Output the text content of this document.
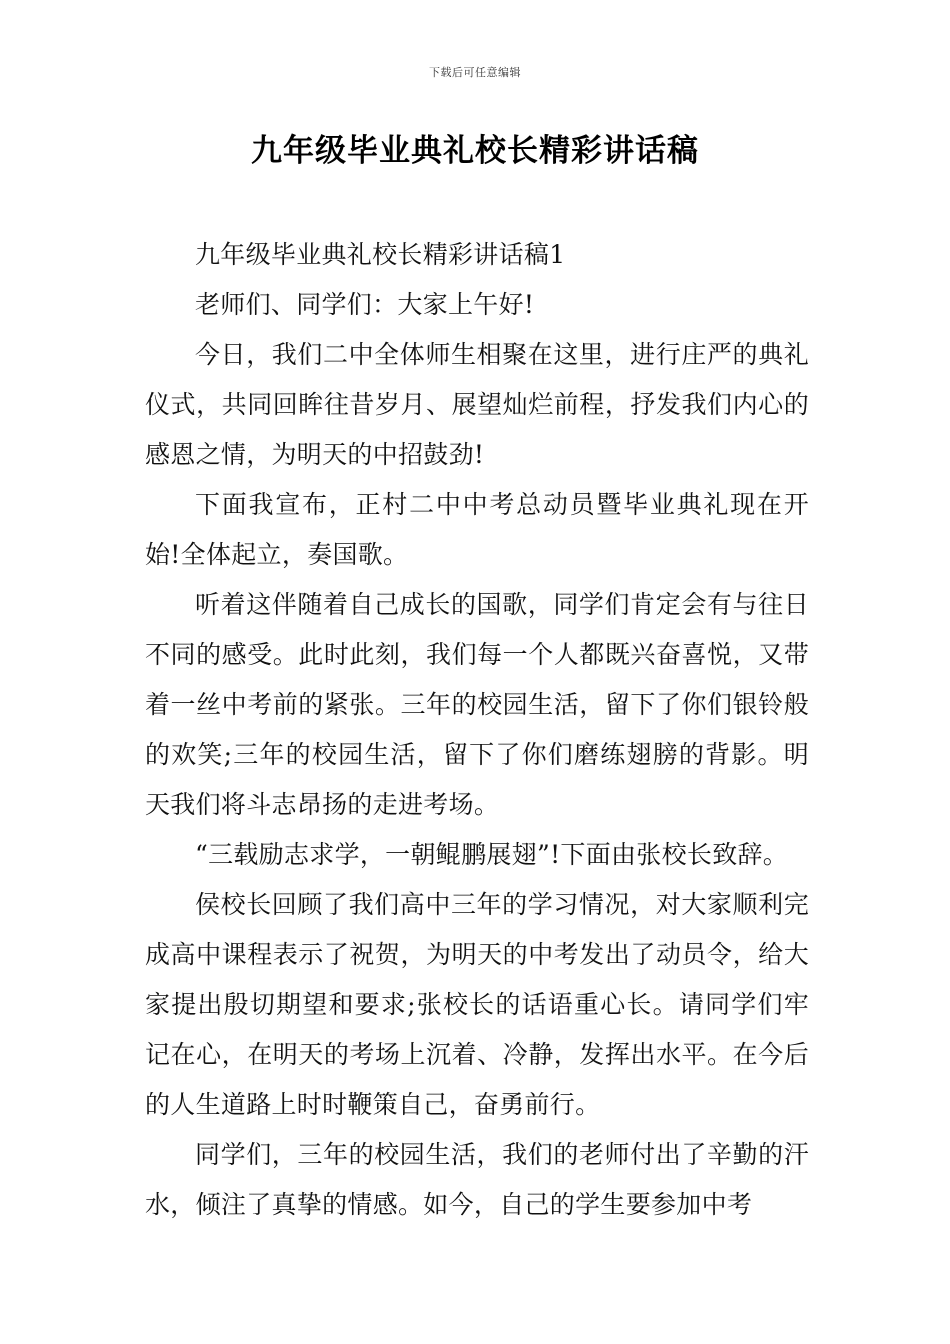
下载后可任意编辑
九年级毕业典礼校长精彩讲话稿

九年级毕业典礼校长精彩讲话稿1

老师们、同学们：大家上午好!

今日，我们二中全体师生相聚在这里，进行庄严的典礼仪式，共同回眸往昔岁月、展望灿烂前程，抒发我们内心的感恩之情，为明天的中招鼓劲!

下面我宣布，正村二中中考总动员暨毕业典礼现在开始!全体起立，奏国歌。

听着这伴随着自己成长的国歌，同学们肯定会有与往日不同的感受。此时此刻，我们每一个人都既兴奋喜悦，又带着一丝中考前的紧张。三年的校园生活，留下了你们银铃般的欢笑;三年的校园生活，留下了你们磨练翅膀的背影。明天我们将斗志昂扬的走进考场。

“三载励志求学，一朝鲲鹏展翅”!下面由张校长致辞。

侯校长回顾了我们高中三年的学习情况，对大家顺利完成高中课程表示了祝贺，为明天的中考发出了动员令，给大家提出殷切期望和要求;张校长的话语重心长。请同学们牢记在心，在明天的考场上沉着、冷静，发挥出水平。在今后的人生道路上时时鞭策自己，奋勇前行。

同学们，三年的校园生活，我们的老师付出了辛勤的汗水，倾注了真挚的情感。如今，自己的学生要参加中考
